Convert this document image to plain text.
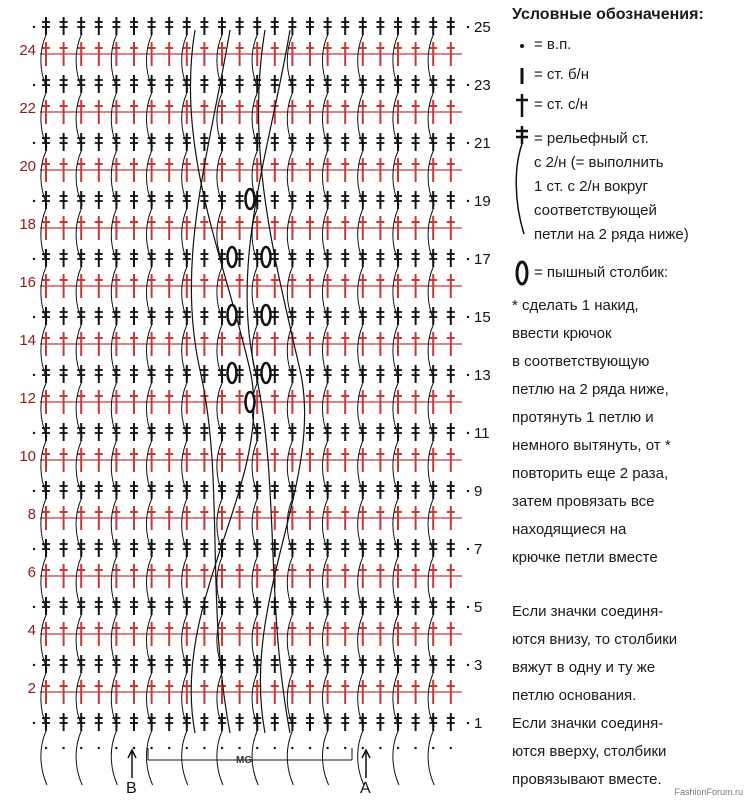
2
4
6
8
10
12
14
16
18
20
22
24
1
3
5
7
9
11
13
15
17
19
21
23
25
B	A
MG
Условные обозначения:
= в.п.
= ст. б/н
= ст. с/н

= рельефный ст.
с 2/н (= выполнить
1 ст. с 2/н вокруг
соответствующей
петли на 2 ряда ниже)

= пышный столбик:

* сделать 1 накид,
ввести крючок
в соответствующую
петлю на 2 ряда ниже,
протянуть 1 петлю и
немного вытянуть, от *
повторить еще 2 раза,
затем провязать все
находящиеся на
крючке петли вместе

Если значки соединя-
ются внизу, то столбики
вяжут в одну и ту же
петлю основания.
Если значки соединя-
ются вверху, столбики
провязывают вместе.
FashionForum.ru
